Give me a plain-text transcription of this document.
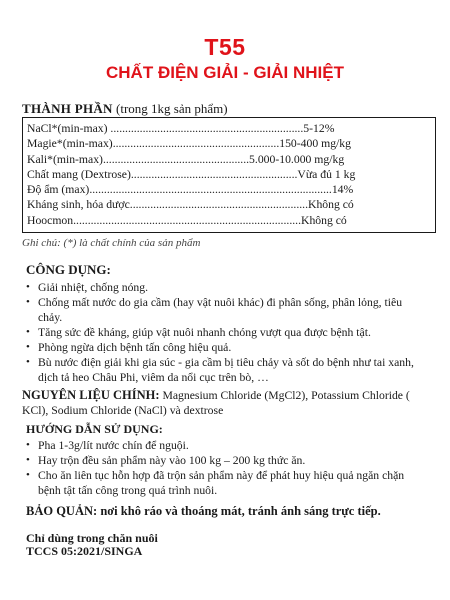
T55
CHẤT ĐIỆN GIẢI - GIẢI NHIỆT
THÀNH PHẦN (trong 1kg sản phẩm)
NaCl*(min-max) .................................................................. 5-12%
Magie*(min-max) ......................................................... 150-400 mg/kg
Kali*(min-max) .................................................. 5.000-10.000 mg/kg
Chất mang (Dextrose) ......................................................... Vừa đủ 1 kg
Độ ẩm (max) ................................................................................... 14%
Kháng sinh, hóa dược ............................................................. Không có
Hoocmon .............................................................................. Không có
Ghi chú: (*) là chất chính của sản phẩm
CÔNG DỤNG:
• Giải nhiệt, chống nóng.
• Chống mất nước do gia cầm (hay vật nuôi khác) đi phân sống, phân lỏng, tiêu chảy.
• Tăng sức đề kháng, giúp vật nuôi nhanh chóng vượt qua được bệnh tật.
• Phòng ngừa dịch bệnh tấn công hiệu quả.
• Bù nước điện giải khi gia súc - gia cầm bị tiêu chảy và sốt do bệnh như tai xanh, dịch tả heo Châu Phi, viêm da nổi cục trên bò, …
NGUYÊN LIỆU CHÍNH: Magnesium Chloride (MgCl2), Potassium Chloride ( KCl), Sodium Chloride (NaCl) và dextrose
HƯỚNG DẪN SỬ DỤNG:
• Pha 1-3g/lít nước chín để nguội.
• Hay trộn đều sản phẩm này vào 100 kg – 200 kg thức ăn.
• Cho ăn liên tục hỗn hợp đã trộn sản phẩm này để phát huy hiệu quả ngăn chặn bệnh tật tấn công trong quá trình nuôi.
BẢO QUẢN: nơi khô ráo và thoáng mát, tránh ánh sáng trực tiếp.
Chỉ dùng trong chăn nuôi
TCCS 05:2021/SINGA
